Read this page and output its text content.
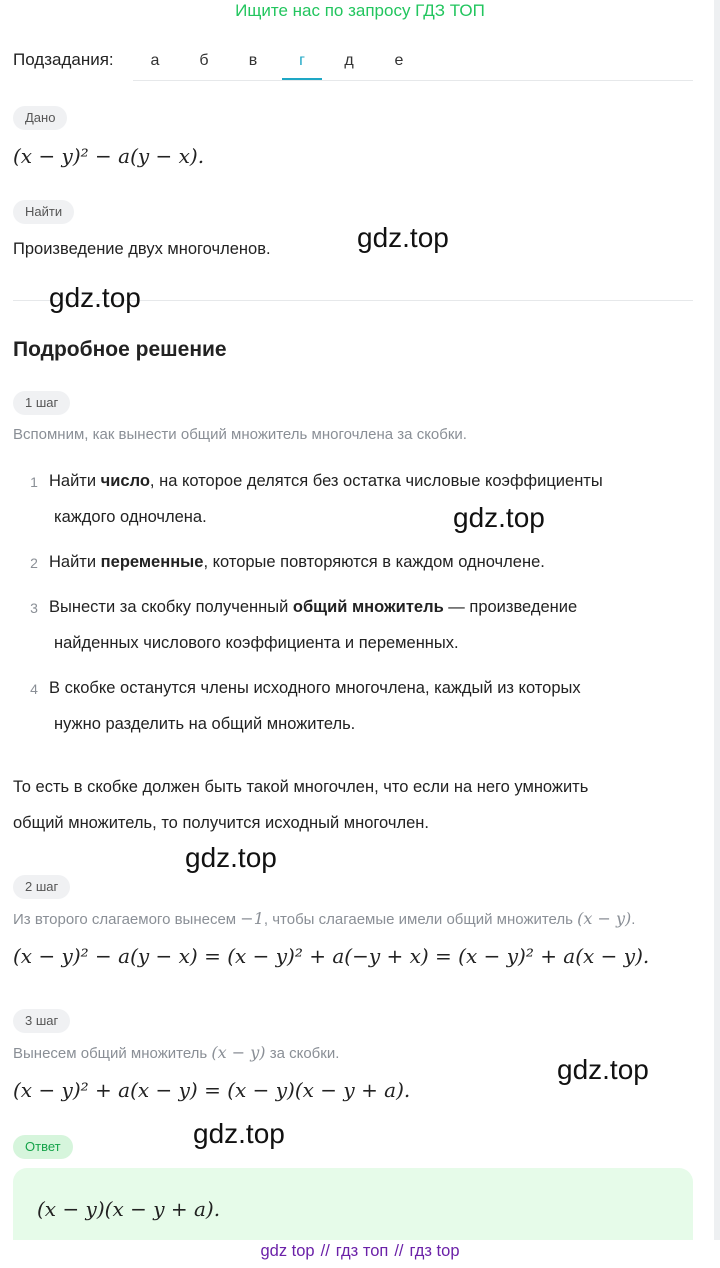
Ищите нас по запросу ГДЗ ТОП
Подзадания:	а	б	в	г	д	е
Дано
(x − y)² − a(y − x).
Найти
Произведение двух многочленов.
Подробное решение
1 шаг
Вспомним, как вынести общий множитель многочлена за скобки.
1 Найти число, на которое делятся без остатка числовые коэффициенты
каждого одночлена.
2 Найти переменные, которые повторяются в каждом одночлене.
3 Вынести за скобку полученный общий множитель — произведение
найденных числового коэффициента и переменных.
4 В скобке останутся члены исходного многочлена, каждый из которых
нужно разделить на общий множитель.
То есть в скобке должен быть такой многочлен, что если на него умножить
общий множитель, то получится исходный многочлен.
2 шаг
Из второго слагаемого вынесем −1, чтобы слагаемые имели общий множитель (x − y).
(x − y)² − a(y − x) = (x − y)² + a(−y + x) = (x − y)² + a(x − y).
3 шаг
Вынесем общий множитель (x − y) за скобки.
(x − y)² + a(x − y) = (x − y)(x − y + a).
Ответ
(x − y)(x − y + a).
gdz.top
gdz.top
gdz.top
gdz.top
gdz.top
gdz.top
gdz top // гдз топ // гдз top
